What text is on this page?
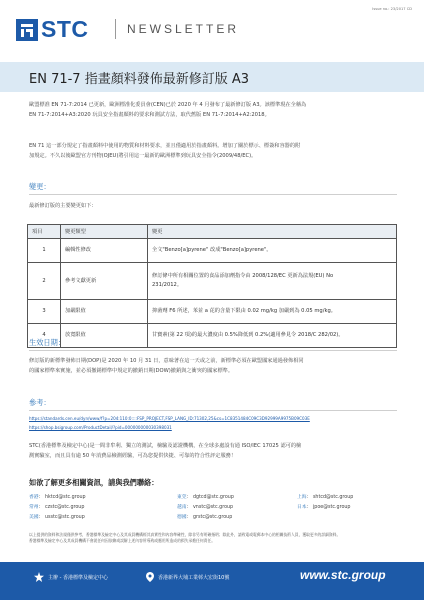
Issue no.: 23/2017 CD
STC	NEWSLETTER
EN 71-7 指畫顏料發佈最新修訂版 A3
歐盟標准 EN 71-7:2014 已更新，歐洲標准化委員會(CEN)已於 2020 年 4 月發布了最新修訂版 A3。該標準現在全稱為
EN 71-7:2014+A3:2020 玩具安全指畫顏料的要求和測試方法，取代舊版 EN 71-7:2014+A2:2018。
EN 71 這一部分規定了指畫顏料中使用的物質和材料要求，並且僅適用於指畫顏料。增加了關於標示、標簽和容器的附
加規定。不久以後歐盟官方刊物(OJEU)將引用這一最新的歐洲標準到玩具安全指令(2009/48/EC)。
變更：
最新修訂版的主要變更如下：
項目	變更類型	變更
1	編輯性修改	全文"Benzo[a]pyrene" 改成"Benzo[a]pyrene"。
2	參考文獻更新	修訂條中所有相關位置的食品添加劑指令由 2008/128/EC 更新為法規(EU) No
231/2012。

3	加嚴限值	抑菌劑 F6 所述，苯並 a 芘的含量下限由 0.02 mg/kg 加嚴到為 0.05 mg/kg。
4	放寬限值	甘寶素(第 22 項)的最大濃度由 0.5%降低到 0.2%(適用參見令 2018/C 282/02)。
生效日期：
修訂版的新標準發佈日期(DOP)是 2020 年 10 月 31 日，意味著在這一天或之前，新標準必須在歐盟國家通過發佈相同
的國家標準來實施，並必須撤銷標準中規定的撤銷日期(DOW)撤銷與之衝突的國家標準。
參考：
https://standards.cen.eu/dyn/www/f?p=204:110:0::::FSP_PROJECT,FSP_LANG_ID:71302,25&cs=1C8351484C09C3D92999A9975B09C03E
https://shop.bsigroup.com/ProductDetail/?pid=000000000030398031
STC(香港標準及檢定中心)是一間非牟利、獨立的測試，檢驗及認證機構，在全球多處設有通 ISO/IEC 17025 認可的檢
測實驗室，而且具有逾 50 年消費品檢測經驗，可為您提供快捷、可靠的符合性評定服務！
如欲了解更多相關資訊，請與我們聯絡：
香港： hktcd@stc.group	東莞： dgtcd@stc.group	上海： shtcd@stc.group
常州： czstc@stc.group	越南： vnstc@stc.group	日本： jpoe@stc.group
美國： usstc@stc.group	德國： grstc@stc.group
以上提供的資料和法規僅供參考，香港標準及檢定中心及其成員機構經其真實性和內容準確性，除非另有明確指明；除此外，請致電或電郵本中心的相關技術人員，獲取更多的詳細資料。
香港標準及檢定中心及其成員機構不會就任何因依賴或誤解上述內容所導致或應用所造成的損失承擔任何責任。
主辦 - 香港標準及檢定中心	香港新界大埔工業邨大宏街10號	www.stc.group
